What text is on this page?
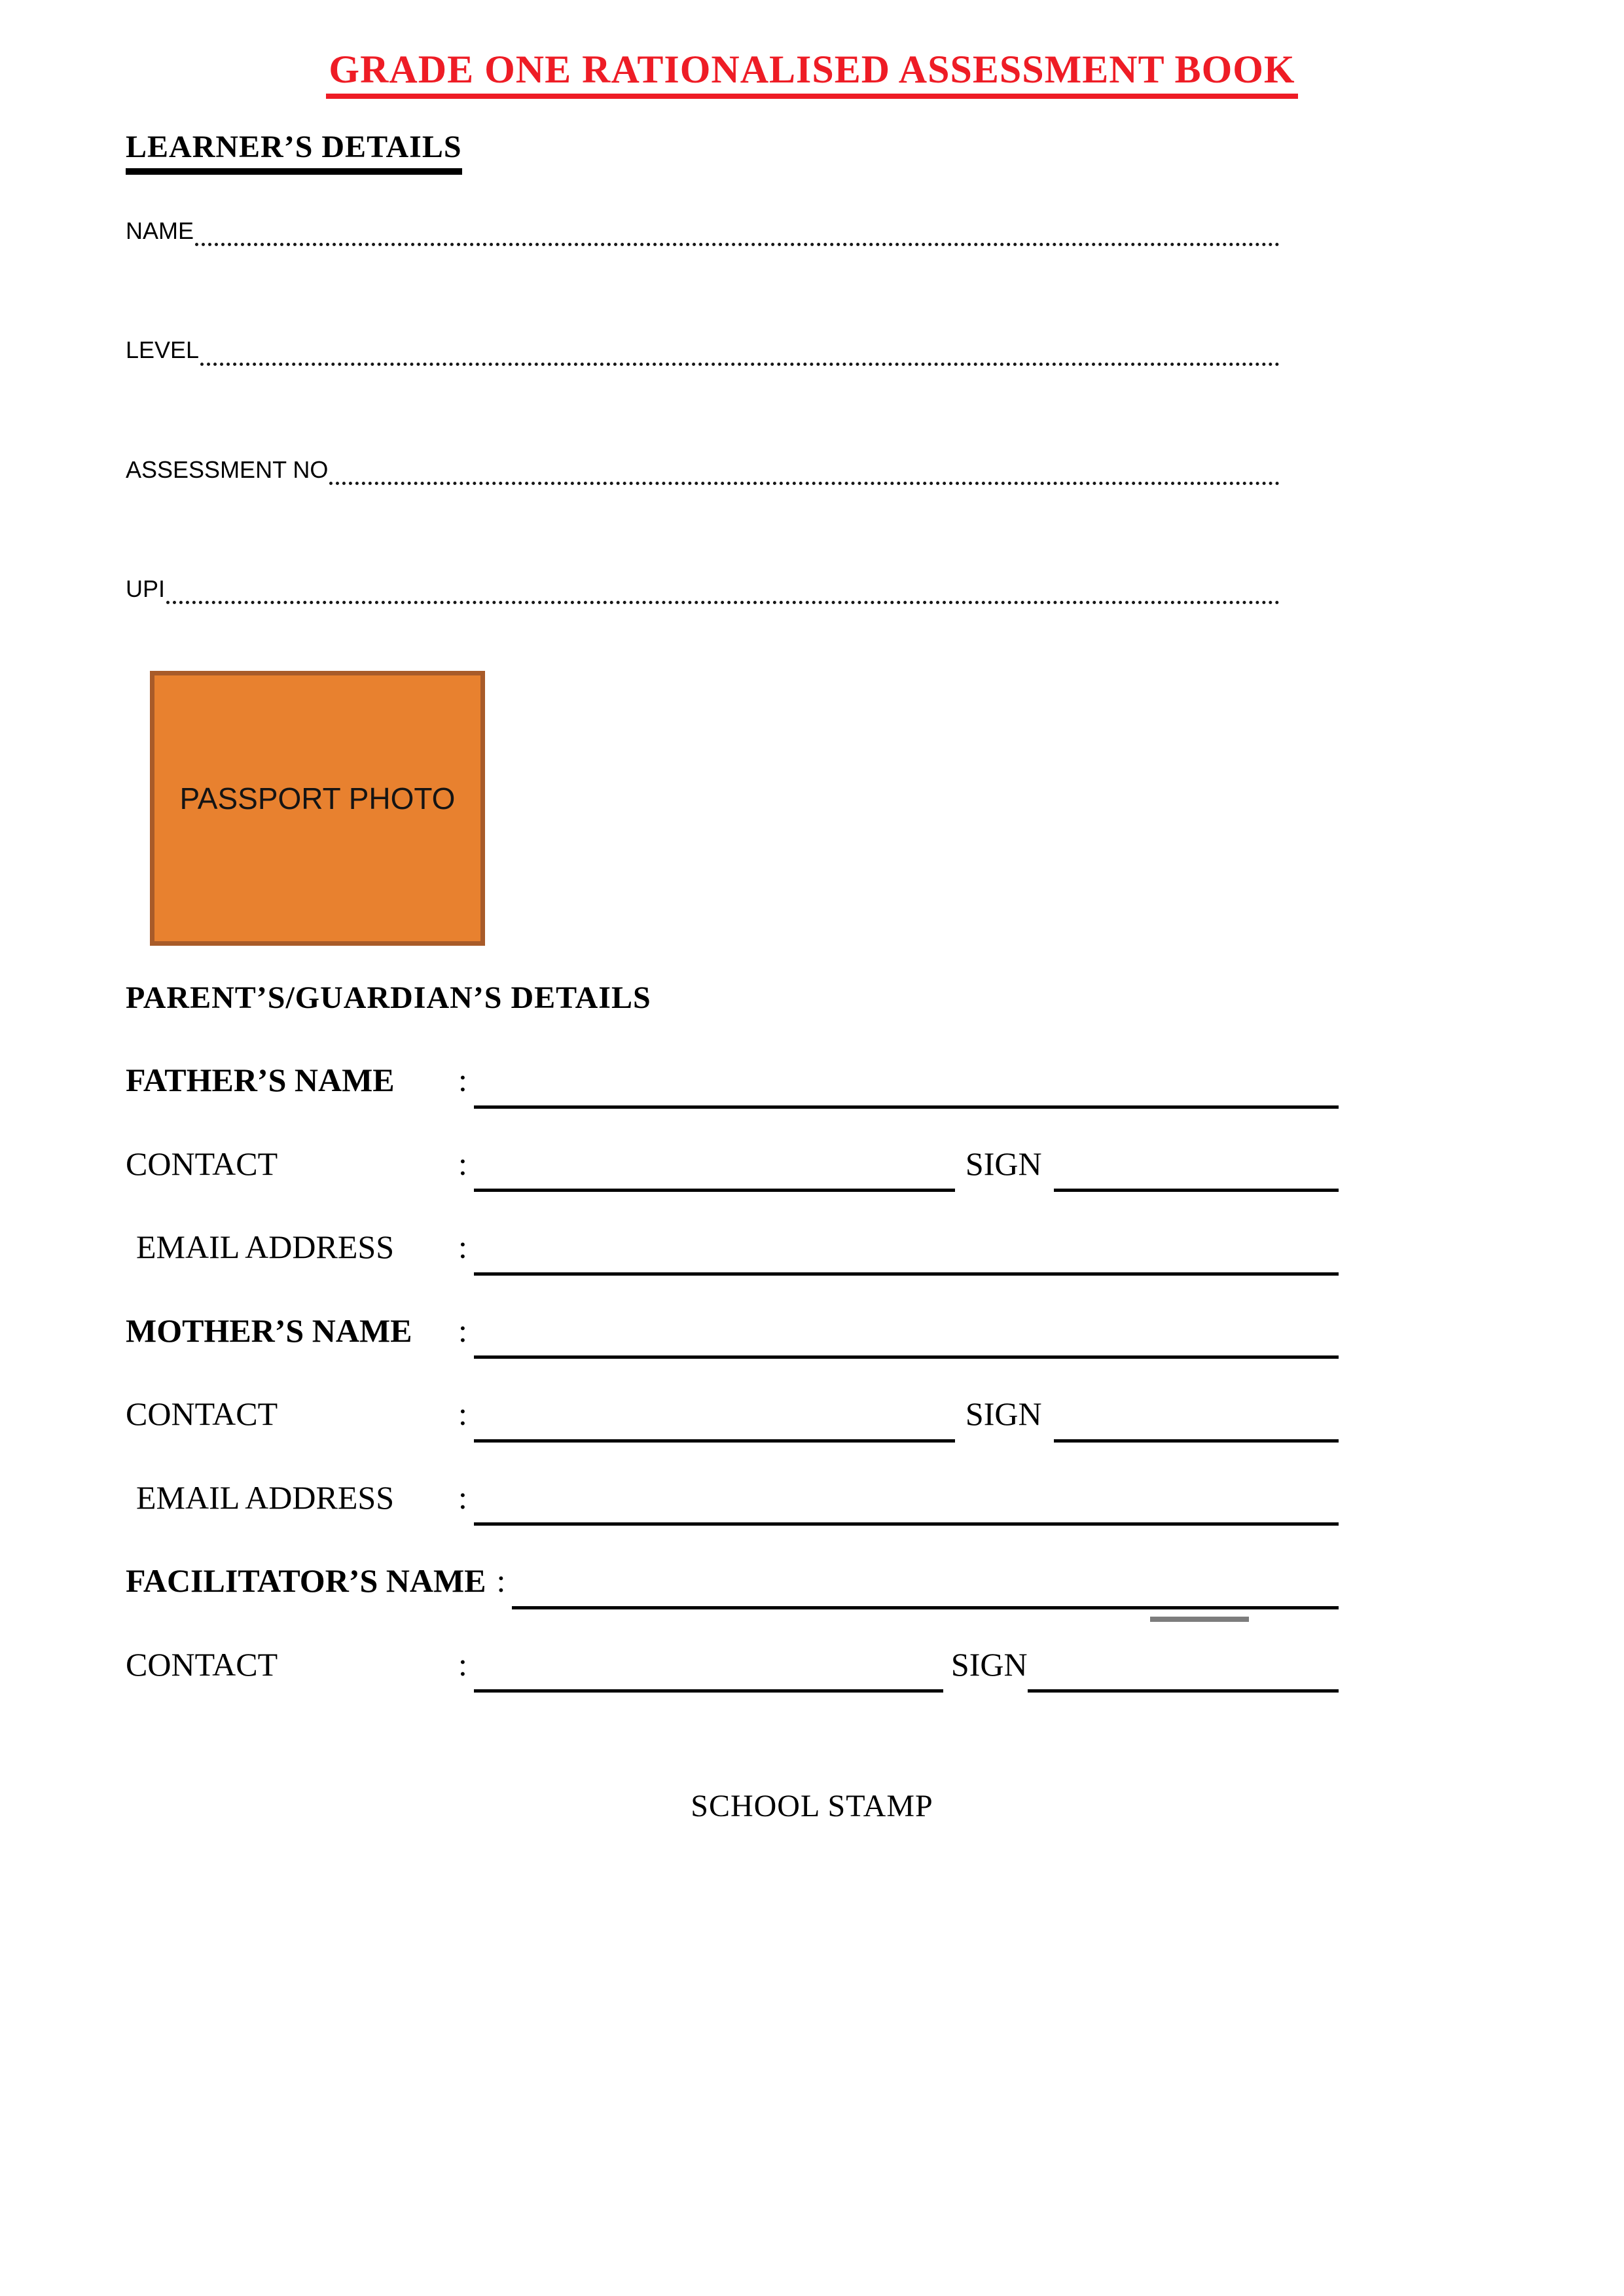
GRADE ONE RATIONALISED ASSESSMENT BOOK
LEARNER’S DETAILS
NAME
LEVEL
ASSESSMENT NO
UPI
PASSPORT PHOTO
PARENT’S/GUARDIAN’S DETAILS
FATHER’S NAME	:
CONTACT	:	SIGN
EMAIL ADDRESS	:
MOTHER’S NAME	:
CONTACT	:	SIGN
EMAIL ADDRESS	:
FACILITATOR’S NAME :
CONTACT	:	SIGN
SCHOOL STAMP
